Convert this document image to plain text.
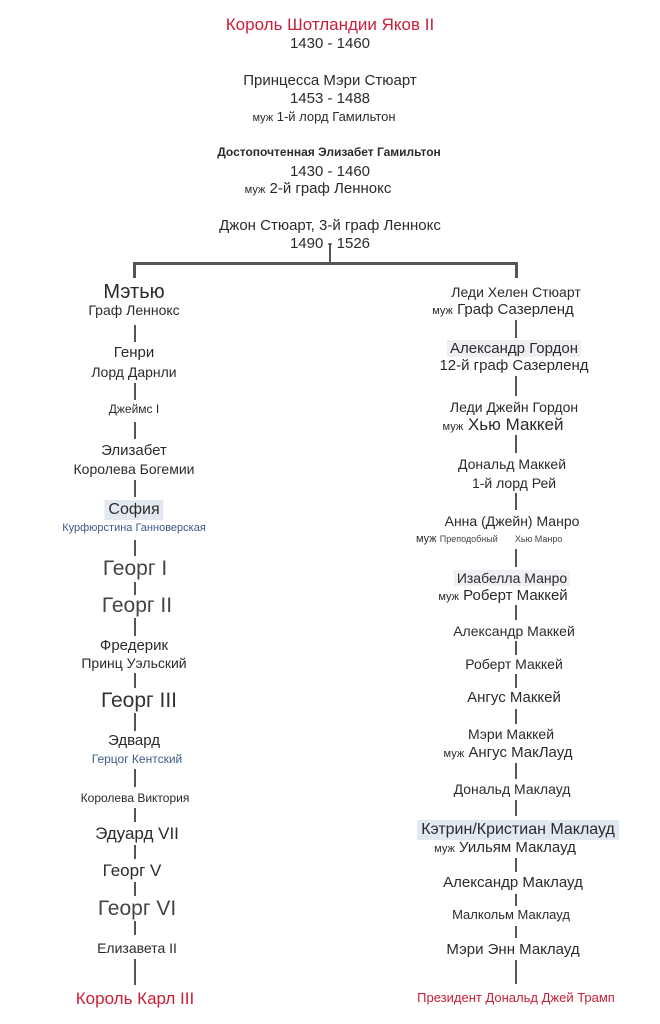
Король Шотландии Яков II
1430 - 1460
Принцесса Мэри Стюарт
1453 - 1488
муж 1-й лорд Гамильтон
Достопочтенная Элизабет Гамильтон
1430 - 1460
муж 2-й граф Леннокс
Джон Стюарт, 3-й граф Леннокс
1490 - 1526
Мэтью
Граф Леннокс
Генри
Лорд Дарнли
Джеймс I
Элизабет
Королева Богемии
София
Курфюрстина Ганноверская
Георг I
Георг II
Фредерик
Принц Уэльский
Георг III
Эдвард
Герцог Кентский
Королева Виктория
Эдуард VII
Георг V
Георг VI
Елизавета II
Король Карл III
Леди Хелен Стюарт
муж Граф Сазерленд
Александр Гордон
12-й граф Сазерленд
Леди Джейн Гордон
муж Хью Маккей
Дональд Маккей
1-й лорд Рей
Анна (Джейн) Манро
муж Преподобный Хью Манро
Изабелла Манро
муж Роберт Маккей
Александр Маккей
Роберт Маккей
Ангус Маккей
Мэри Маккей
муж Ангус МакЛауд
Дональд Маклауд
Кэтрин/Кристиан Маклауд
муж Уильям Маклауд
Александр Маклауд
Малкольм Маклауд
Мэри Энн Маклауд
Президент Дональд Джей Трамп
